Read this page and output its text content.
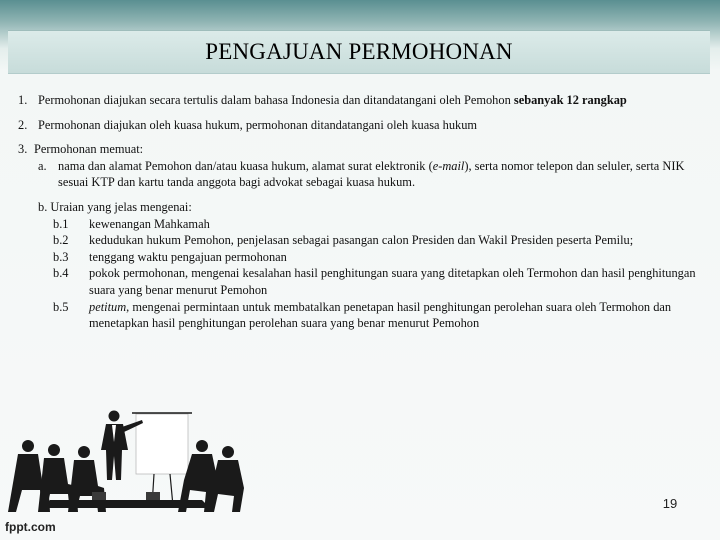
PENGAJUAN PERMOHONAN
1. Permohonan diajukan secara tertulis dalam bahasa Indonesia dan ditandatangani oleh Pemohon sebanyak 12 rangkap
2. Permohonan diajukan oleh kuasa hukum, permohonan ditandatangani oleh kuasa hukum
3. Permohonan memuat:
a. nama dan alamat Pemohon dan/atau kuasa hukum, alamat surat elektronik (e-mail), serta nomor telepon dan seluler, serta NIK sesuai KTP dan kartu tanda anggota bagi advokat sebagai kuasa hukum.
b. Uraian yang jelas mengenai:
b.1 kewenangan Mahkamah
b.2 kedudukan hukum Pemohon, penjelasan sebagai pasangan calon Presiden dan Wakil Presiden peserta Pemilu;
b.3 tenggang waktu pengajuan permohonan
b.4 pokok permohonan, mengenai kesalahan hasil penghitungan suara yang ditetapkan oleh Termohon dan hasil penghitungan suara yang benar menurut Pemohon
b.5 petitum, mengenai permintaan untuk membatalkan penetapan hasil penghitungan perolehan suara oleh Termohon dan menetapkan hasil penghitungan perolehan suara yang benar menurut Pemohon
19
fppt.com
